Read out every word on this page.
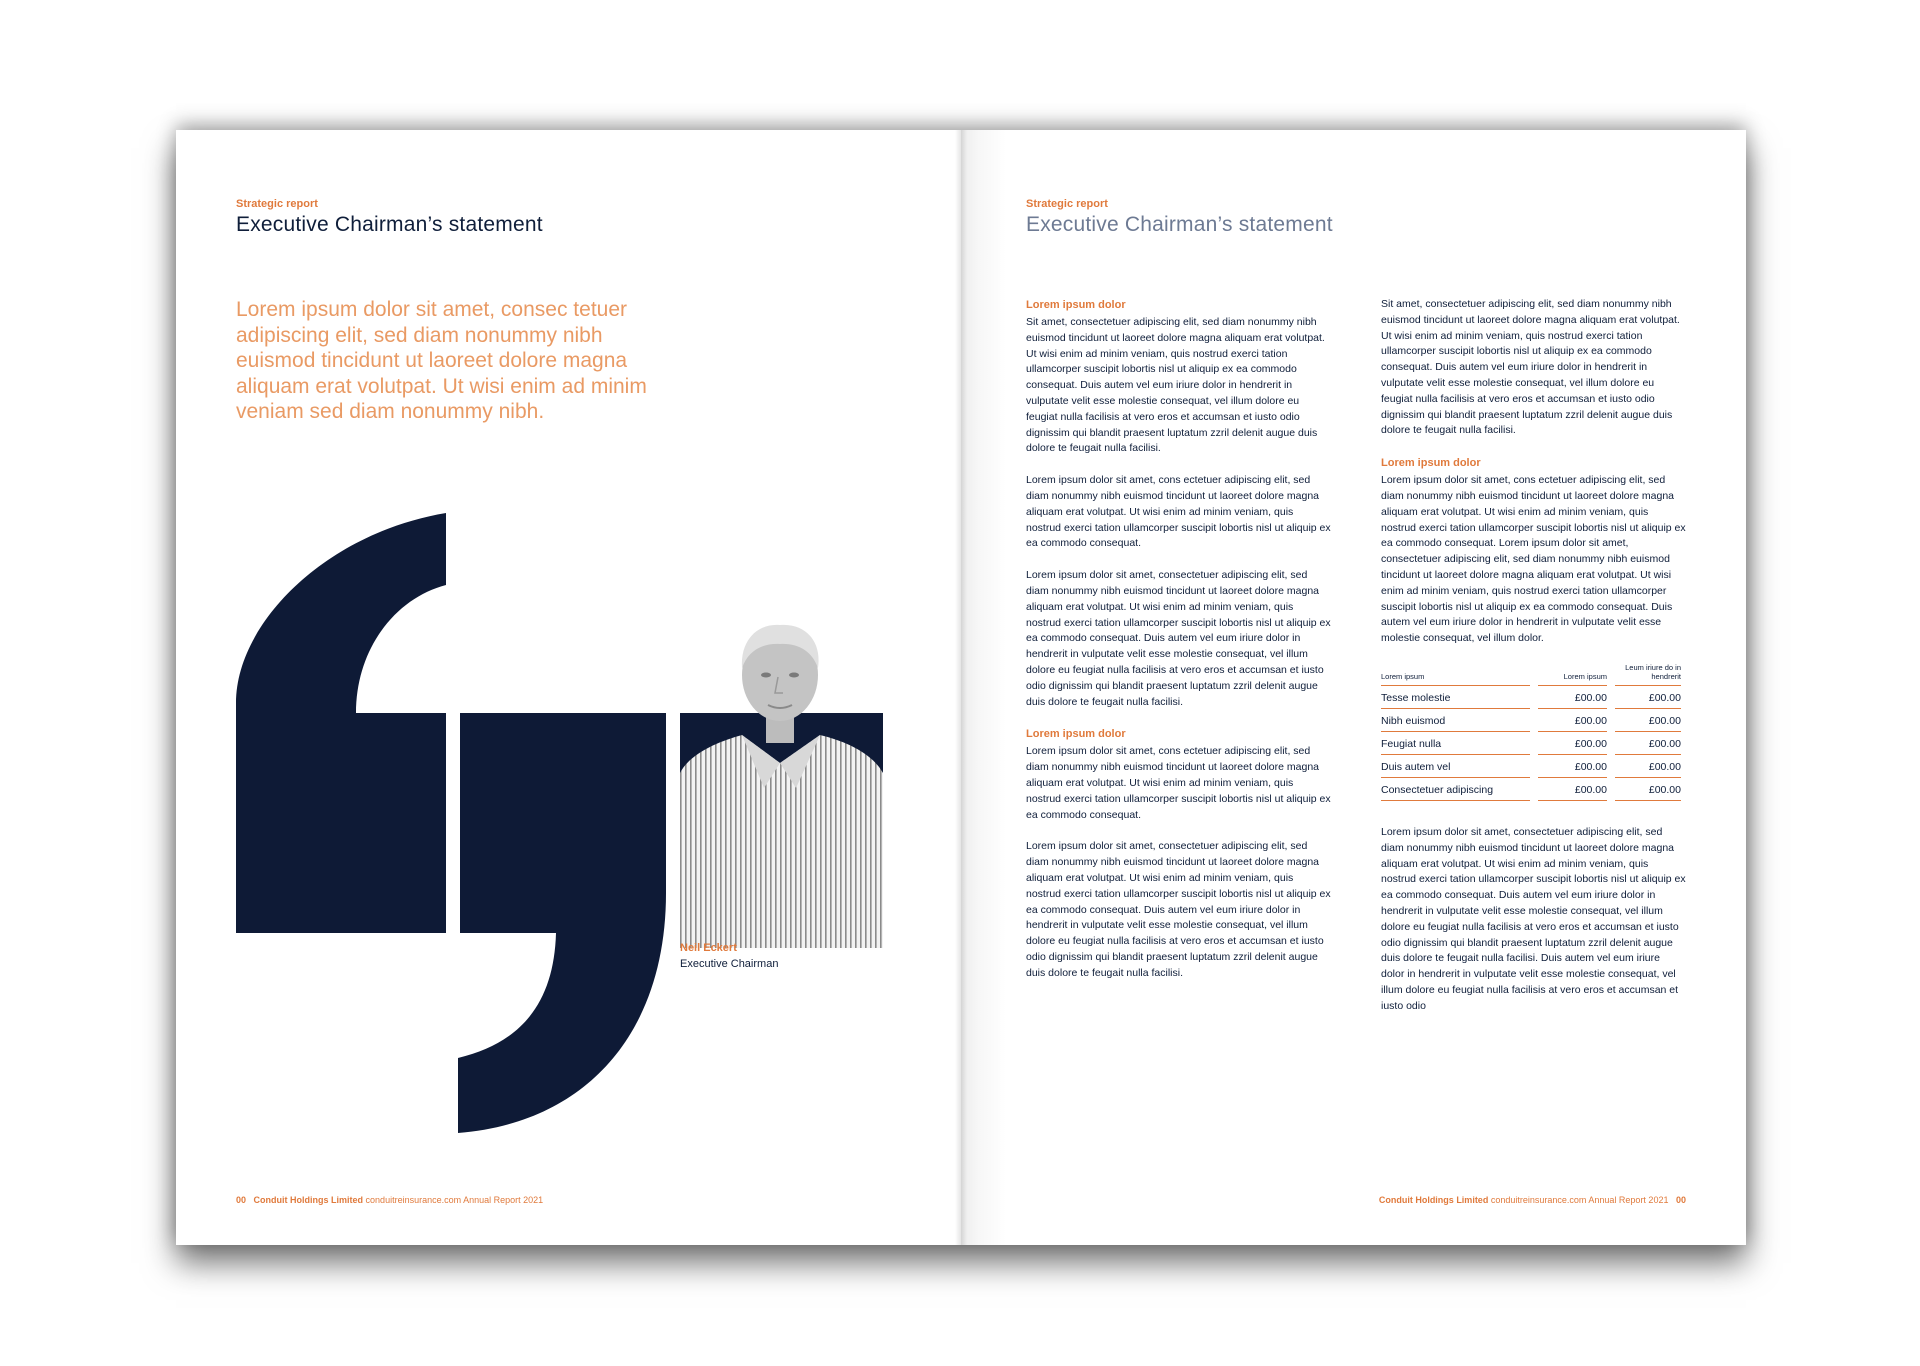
Strategic report
Executive Chairman’s statement
Lorem ipsum dolor sit amet, consec tetuer adipiscing elit, sed diam nonummy nibh euismod tincidunt ut laoreet dolore magna aliquam erat volutpat. Ut wisi enim ad minim veniam sed diam nonummy nibh.
Neil Eckert
Executive Chairman
00 Conduit Holdings Limited conduitreinsurance.com Annual Report 2021
Strategic report
Executive Chairman’s statement
Lorem ipsum dolor

Sit amet, consectetuer adipiscing elit, sed diam nonummy nibh euismod tincidunt ut laoreet dolore magna aliquam erat volutpat. Ut wisi enim ad minim veniam, quis nostrud exerci tation ullamcorper suscipit lobortis nisl ut aliquip ex ea commodo consequat. Duis autem vel eum iriure dolor in hendrerit in vulputate velit esse molestie consequat, vel illum dolore eu feugiat nulla facilisis at vero eros et accumsan et iusto odio dignissim qui blandit praesent luptatum zzril delenit augue duis dolore te feugait nulla facilisi.

Lorem ipsum dolor sit amet, cons ectetuer adipiscing elit, sed diam nonummy nibh euismod tincidunt ut laoreet dolore magna aliquam erat volutpat. Ut wisi enim ad minim veniam, quis nostrud exerci tation ullamcorper suscipit lobortis nisl ut aliquip ex ea commodo consequat.

Lorem ipsum dolor sit amet, consectetuer adipiscing elit, sed diam nonummy nibh euismod tincidunt ut laoreet dolore magna aliquam erat volutpat. Ut wisi enim ad minim veniam, quis nostrud exerci tation ullamcorper suscipit lobortis nisl ut aliquip ex ea commodo consequat. Duis autem vel eum iriure dolor in hendrerit in vulputate velit esse molestie consequat, vel illum dolore eu feugiat nulla facilisis at vero eros et accumsan et iusto odio dignissim qui blandit praesent luptatum zzril delenit augue duis dolore te feugait nulla facilisi.

Lorem ipsum dolor

Lorem ipsum dolor sit amet, cons ectetuer adipiscing elit, sed diam nonummy nibh euismod tincidunt ut laoreet dolore magna aliquam erat volutpat. Ut wisi enim ad minim veniam, quis nostrud exerci tation ullamcorper suscipit lobortis nisl ut aliquip ex ea commodo consequat.

Lorem ipsum dolor sit amet, consectetuer adipiscing elit, sed diam nonummy nibh euismod tincidunt ut laoreet dolore magna aliquam erat volutpat. Ut wisi enim ad minim veniam, quis nostrud exerci tation ullamcorper suscipit lobortis nisl ut aliquip ex ea commodo consequat. Duis autem vel eum iriure dolor in hendrerit in vulputate velit esse molestie consequat, vel illum dolore eu feugiat nulla facilisis at vero eros et accumsan et iusto odio dignissim qui blandit praesent luptatum zzril delenit augue duis dolore te feugait nulla facilisi.

Sit amet, consectetuer adipiscing elit, sed diam nonummy nibh euismod tincidunt ut laoreet dolore magna aliquam erat volutpat. Ut wisi enim ad minim veniam, quis nostrud exerci tation ullamcorper suscipit lobortis nisl ut aliquip ex ea commodo consequat. Duis autem vel eum iriure dolor in hendrerit in vulputate velit esse molestie consequat, vel illum dolore eu feugiat nulla facilisis at vero eros et accumsan et iusto odio dignissim qui blandit praesent luptatum zzril delenit augue duis dolore te feugait nulla facilisi.

Lorem ipsum dolor

Lorem ipsum dolor sit amet, cons ectetuer adipiscing elit, sed diam nonummy nibh euismod tincidunt ut laoreet dolore magna aliquam erat volutpat. Ut wisi enim ad minim veniam, quis nostrud exerci tation ullamcorper suscipit lobortis nisl ut aliquip ex ea commodo consequat. Lorem ipsum dolor sit amet, consectetuer adipiscing elit, sed diam nonummy nibh euismod tincidunt ut laoreet dolore magna aliquam erat volutpat. Ut wisi enim ad minim veniam, quis nostrud exerci tation ullamcorper suscipit lobortis nisl ut aliquip ex ea commodo consequat. Duis autem vel eum iriure dolor in hendrerit in vulputate velit esse molestie consequat, vel illum dolor.

Lorem ipsum		Lorem ipsum		Leum iriure do in hendrerit
Tesse molestie		£00.00		£00.00
Nibh euismod		£00.00		£00.00
Feugiat nulla		£00.00		£00.00
Duis autem vel		£00.00		£00.00
Consectetuer adipiscing		£00.00		£00.00

Lorem ipsum dolor sit amet, consectetuer adipiscing elit, sed diam nonummy nibh euismod tincidunt ut laoreet dolore magna aliquam erat volutpat. Ut wisi enim ad minim veniam, quis nostrud exerci tation ullamcorper suscipit lobortis nisl ut aliquip ex ea commodo consequat. Duis autem vel eum iriure dolor in hendrerit in vulputate velit esse molestie consequat, vel illum dolore eu feugiat nulla facilisis at vero eros et accumsan et iusto odio dignissim qui blandit praesent luptatum zzril delenit augue duis dolore te feugait nulla facilisi. Duis autem vel eum iriure dolor in hendrerit in vulputate velit esse molestie consequat, vel illum dolore eu feugiat nulla facilisis at vero eros et accumsan et iusto odio

Conduit Holdings Limited conduitreinsurance.com Annual Report 2021 00
